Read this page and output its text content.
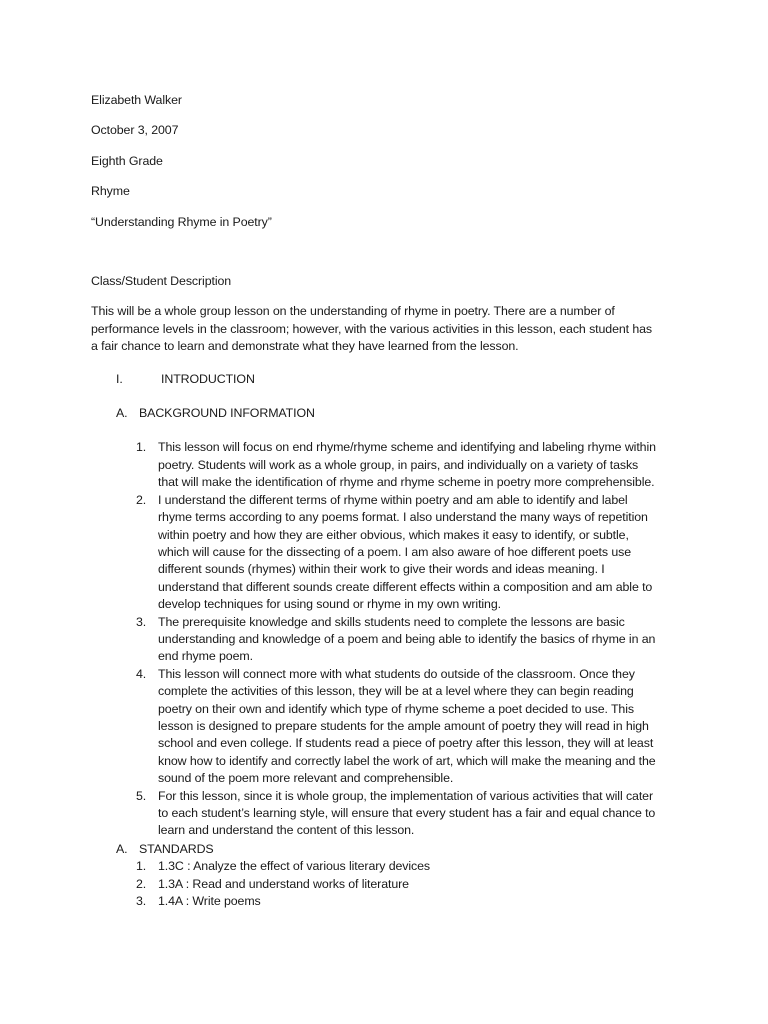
Elizabeth Walker

October 3, 2007

Eighth Grade

Rhyme

“Understanding Rhyme in Poetry”

Class/Student Description

This will be a whole group lesson on the understanding of rhyme in poetry. There are a number of performance levels in the classroom; however, with the various activities in this lesson, each student has a fair chance to learn and demonstrate what they have learned from the lesson.

I.	INTRODUCTION
A. BACKGROUND INFORMATION
1. This lesson will focus on end rhyme/rhyme scheme and identifying and labeling rhyme within poetry. Students will work as a whole group, in pairs, and individually on a variety of tasks that will make the identification of rhyme and rhyme scheme in poetry more comprehensible.
2. I understand the different terms of rhyme within poetry and am able to identify and label rhyme terms according to any poems format. I also understand the many ways of repetition within poetry and how they are either obvious, which makes it easy to identify, or subtle, which will cause for the dissecting of a poem. I am also aware of hoe different poets use different sounds (rhymes) within their work to give their words and ideas meaning. I understand that different sounds create different effects within a composition and am able to develop techniques for using sound or rhyme in my own writing.
3. The prerequisite knowledge and skills students need to complete the lessons are basic understanding and knowledge of a poem and being able to identify the basics of rhyme in an end rhyme poem.
4. This lesson will connect more with what students do outside of the classroom. Once they complete the activities of this lesson, they will be at a level where they can begin reading poetry on their own and identify which type of rhyme scheme a poet decided to use. This lesson is designed to prepare students for the ample amount of poetry they will read in high school and even college. If students read a piece of poetry after this lesson, they will at least know how to identify and correctly label the work of art, which will make the meaning and the sound of the poem more relevant and comprehensible.
5. For this lesson, since it is whole group, the implementation of various activities that will cater to each student’s learning style, will ensure that every student has a fair and equal chance to learn and understand the content of this lesson.
A. STANDARDS
1. 1.3C : Analyze the effect of various literary devices
2. 1.3A : Read and understand works of literature
3. 1.4A : Write poems
